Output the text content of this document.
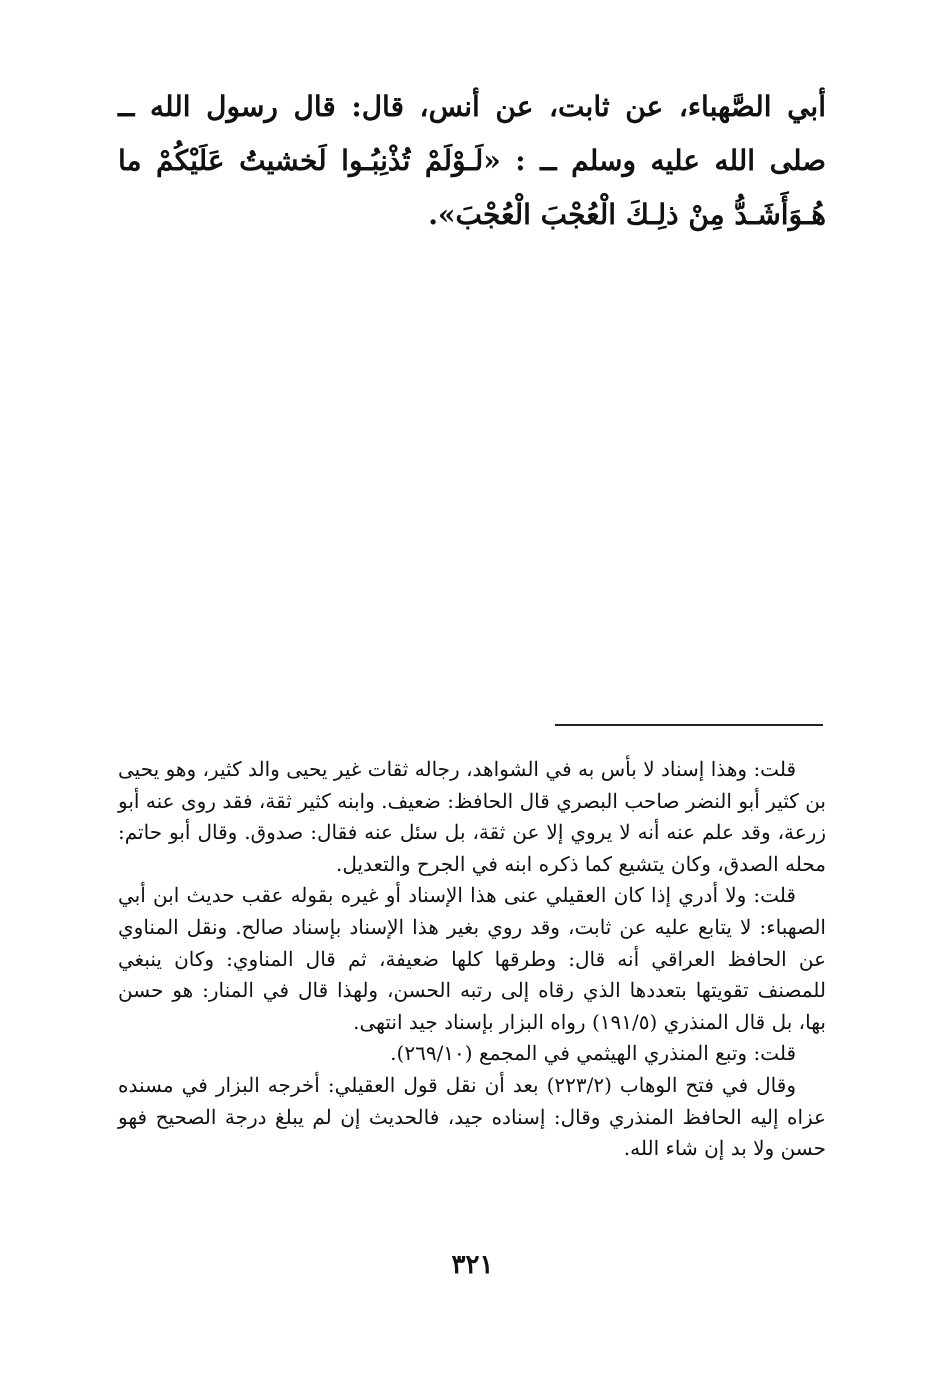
أبي الصَّهباء، عن ثابت، عن أنس، قال: قال رسول الله ــ صلى الله عليه وسلم ــ : «لَـوْلَمْ تُذْنِبُـوا لَخشيتُ عَلَيْكُمْ ما هُـوَأَشَـدُّ مِنْ ذلِـكَ الْعُجْبَ الْعُجْبَ».

قلت: وهذا إسناد لا بأس به في الشواهد، رجاله ثقات غير يحيى والد كثير، وهو يحيى بن كثير أبو النضر صاحب البصري قال الحافظ: ضعيف. وابنه كثير ثقة، فقد روى عنه أبو زرعة، وقد علم عنه أنه لا يروي إلا عن ثقة، بل سئل عنه فقال: صدوق. وقال أبو حاتم: محله الصدق، وكان يتشيع كما ذكره ابنه في الجرح والتعديل.

قلت: ولا أدري إذا كان العقيلي عنى هذا الإسناد أو غيره بقوله عقب حديث ابن أبي الصهباء: لا يتابع عليه عن ثابت، وقد روي بغير هذا الإسناد بإسناد صالح. ونقل المناوي عن الحافظ العراقي أنه قال: وطرقها كلها ضعيفة، ثم قال المناوي: وكان ينبغي للمصنف تقويتها بتعددها الذي رقاه إلى رتبه الحسن، ولهذا قال في المنار: هو حسن بها، بل قال المنذري (١٩١/٥) رواه البزار بإسناد جيد انتهى.

قلت: وتبع المنذري الهيثمي في المجمع (٢٦٩/١٠).

وقال في فتح الوهاب (٢٢٣/٢) بعد أن نقل قول العقيلي: أخرجه البزار في مسنده عزاه إليه الحافظ المنذري وقال: إسناده جيد، فالحديث إن لم يبلغ درجة الصحيح فهو حسن ولا بد إن شاء الله.

٣٢١
